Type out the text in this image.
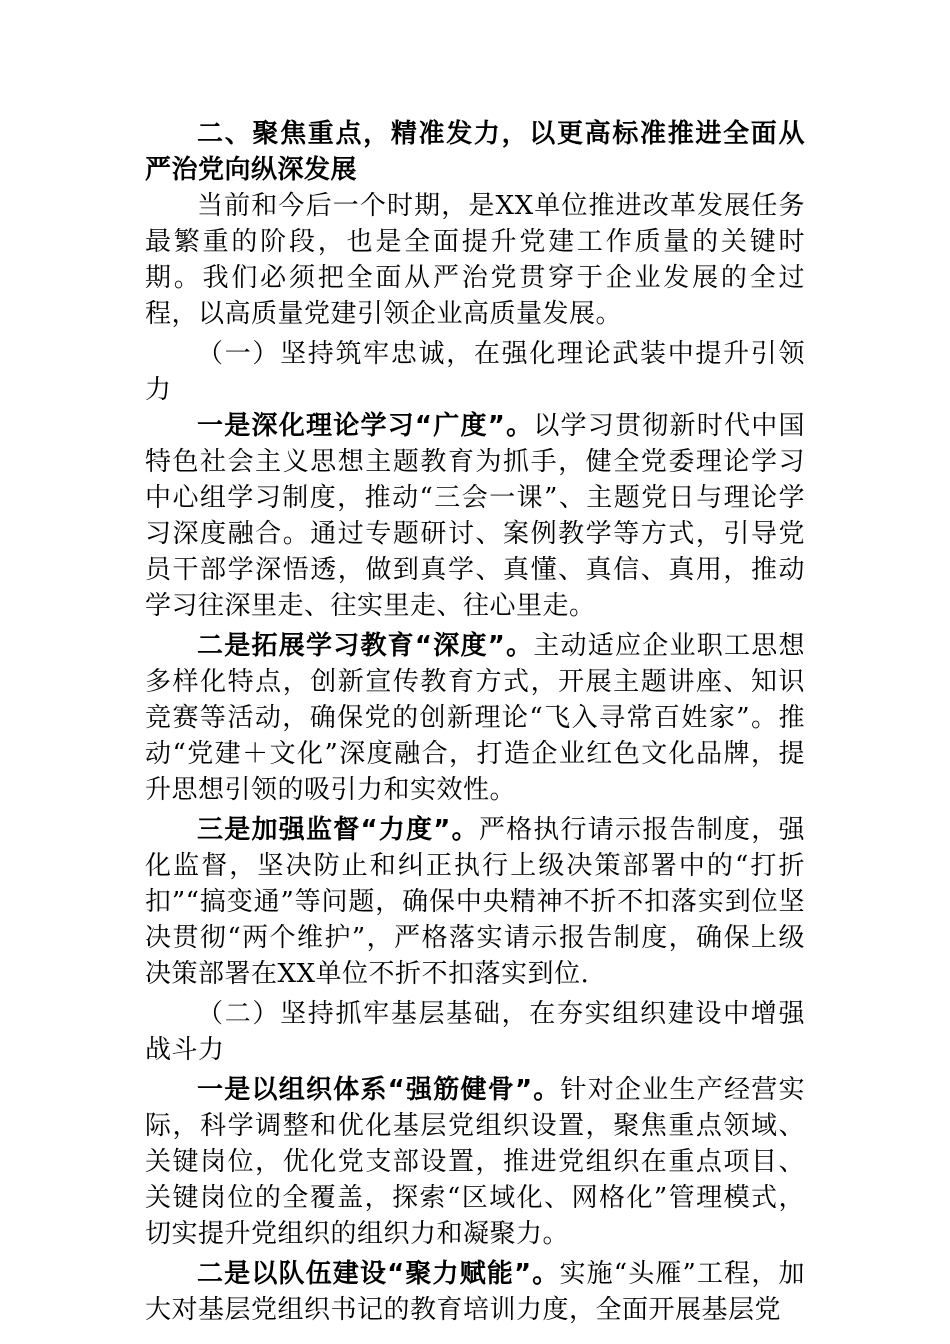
二、聚焦重点，精准发力，以更高标准推进全面从严治党向纵深发展

当前和今后一个时期，是XX单位推进改革发展任务最繁重的阶段，也是全面提升党建工作质量的关键时期。我们必须把全面从严治党贯穿于企业发展的全过程，以高质量党建引领企业高质量发展。

（一）坚持筑牢忠诚，在强化理论武装中提升引领力

一是深化理论学习“广度”。以学习贯彻新时代中国特色社会主义思想主题教育为抓手，健全党委理论学习中心组学习制度，推动“三会一课”、主题党日与理论学习深度融合。通过专题研讨、案例教学等方式，引导党员干部学深悟透，做到真学、真懂、真信、真用，推动学习往深里走、往实里走、往心里走。

二是拓展学习教育“深度”。主动适应企业职工思想多样化特点，创新宣传教育方式，开展主题讲座、知识竞赛等活动，确保党的创新理论“飞入寻常百姓家”。推动“党建＋文化”深度融合，打造企业红色文化品牌，提升思想引领的吸引力和实效性。

三是加强监督“力度”。严格执行请示报告制度，强化监督，坚决防止和纠正执行上级决策部署中的“打折扣”“搞变通”等问题，确保中央精神不折不扣落实到位坚决贯彻“两个维护”，严格落实请示报告制度，确保上级决策部署在XX单位不折不扣落实到位.

（二）坚持抓牢基层基础，在夯实组织建设中增强战斗力

一是以组织体系“强筋健骨”。针对企业生产经营实际，科学调整和优化基层党组织设置，聚焦重点领域、关键岗位，优化党支部设置，推进党组织在重点项目、关键岗位的全覆盖，探索“区域化、网格化”管理模式，切实提升党组织的组织力和凝聚力。

二是以队伍建设“聚力赋能”。实施“头雁”工程，加大对基层党组织书记的教育培训力度，全面开展基层党
